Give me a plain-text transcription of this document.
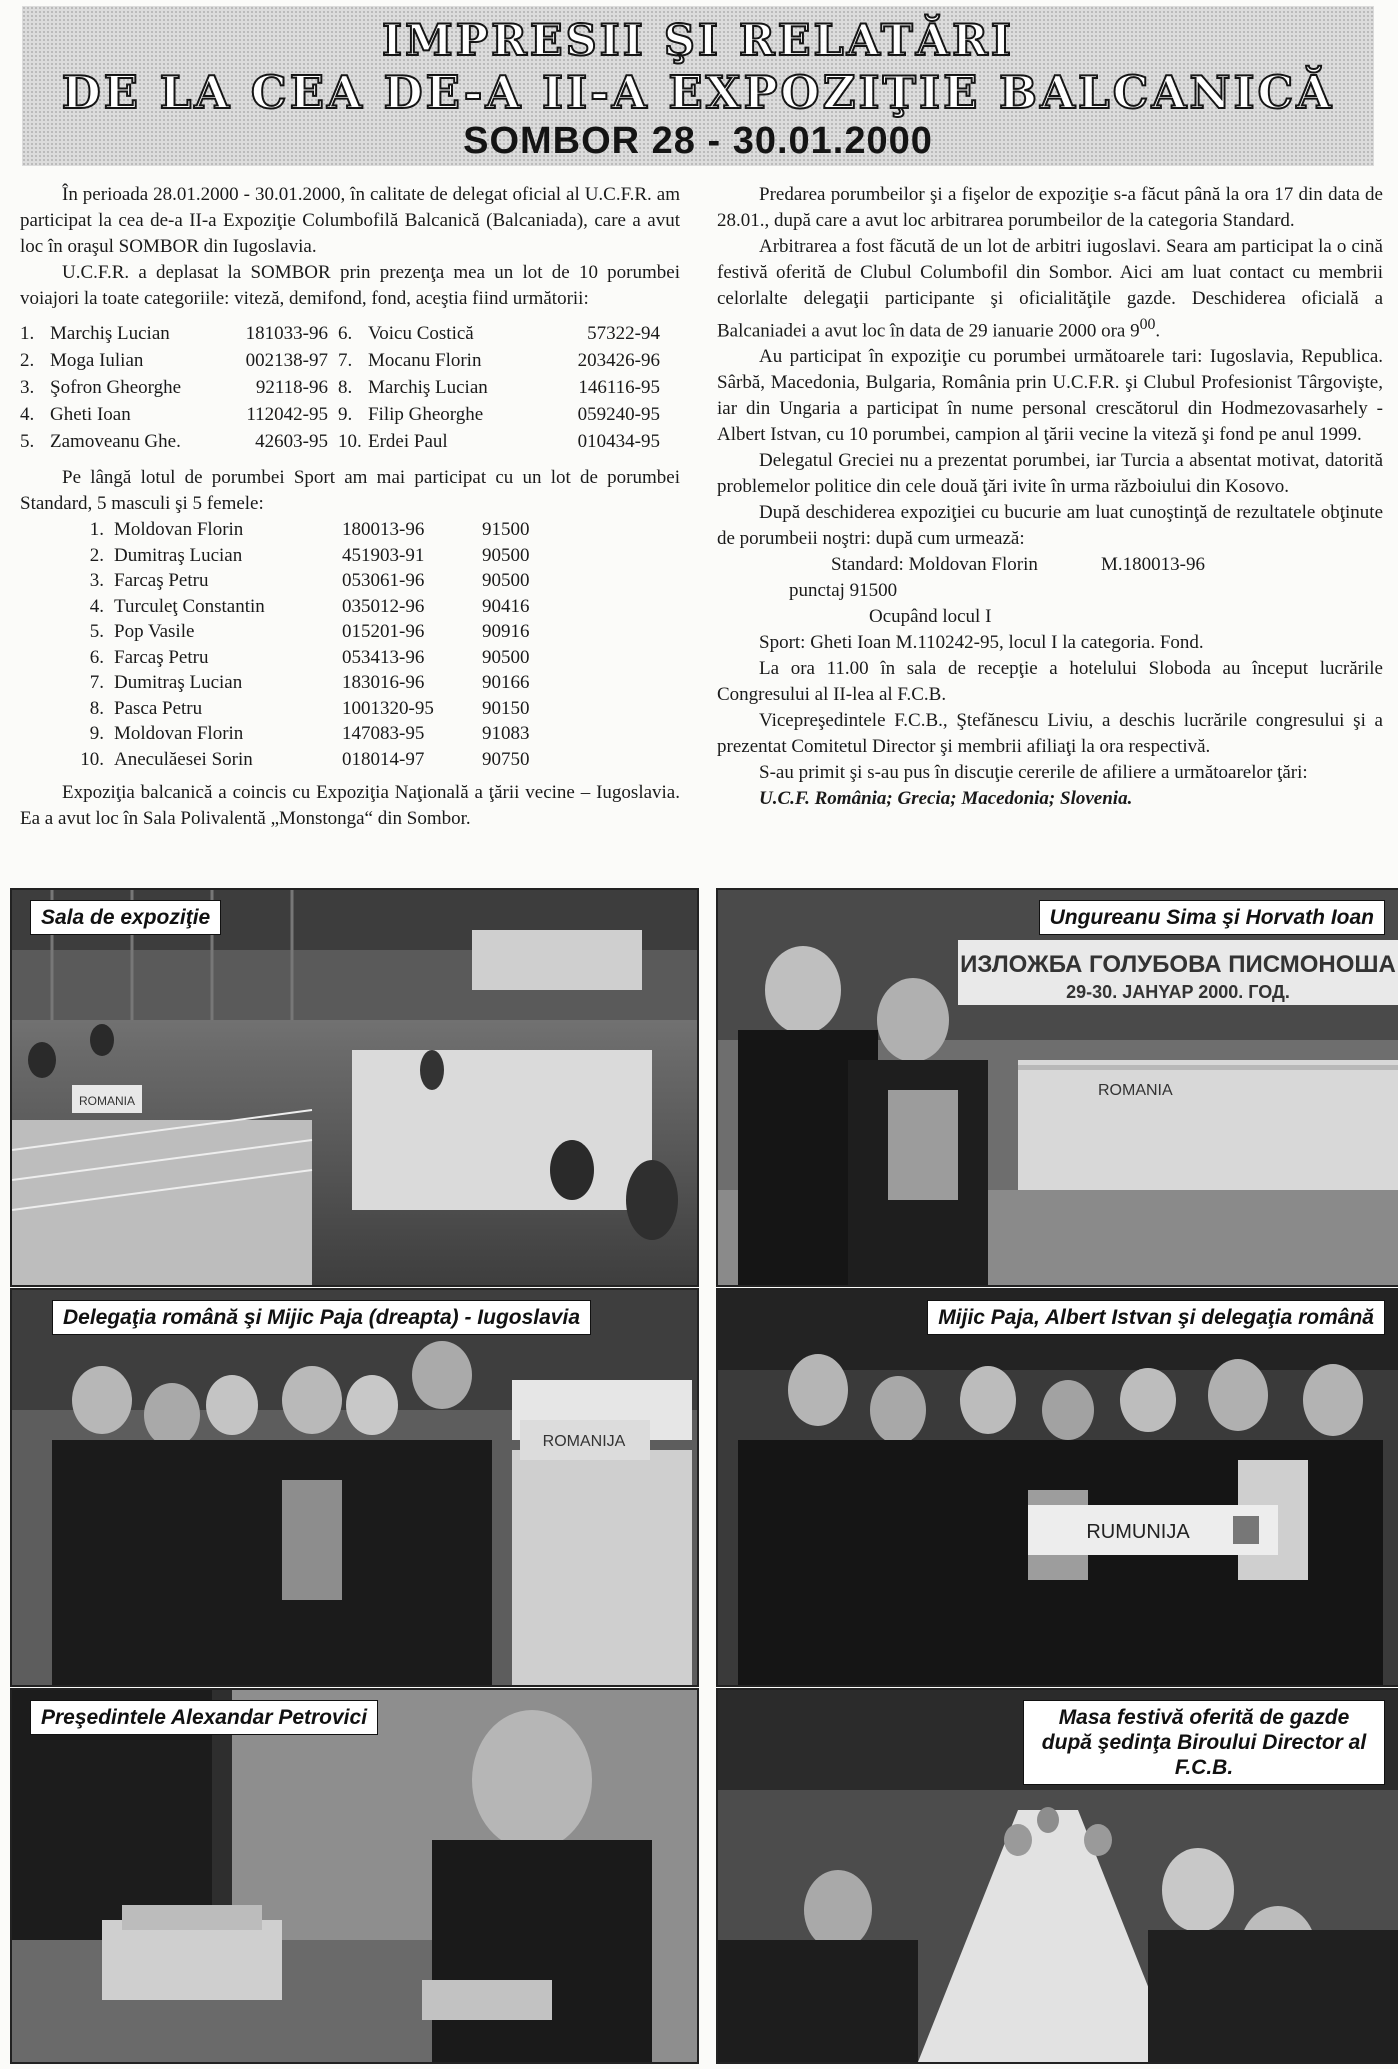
IMPRESII ŞI RELATĂRI
DE LA CEA DE-A II-A EXPOZIŢIE BALCANICĂ
SOMBOR 28 - 30.01.2000

În perioada 28.01.2000 - 30.01.2000, în calitate de delegat oficial al U.C.F.R. am participat la cea de-a II-a Expoziţie Columbofilă Balcanică (Balcaniada), care a avut loc în oraşul SOMBOR din Iugoslavia.

U.C.F.R. a deplasat la SOMBOR prin prezenţa mea un lot de 10 porumbei voiajori la toate categoriile: viteză, demifond, fond, aceştia fiind următorii:

1. Marchiş Lucian	181033-96 6. Voicu Costică	57322-94
2. Moga Iulian	002138-97 7. Mocanu Florin	203426-96
3. Şofron Gheorghe	92118-96 8. Marchiş Lucian	146116-95
4. Gheti Ioan	112042-95 9. Filip Gheorghe	059240-95
5. Zamoveanu Ghe.	42603-95 10. Erdei Paul	010434-95

Pe lângă lotul de porumbei Sport am mai participat cu un lot de porumbei Standard, 5 masculi şi 5 femele:

1. Moldovan Florin	180013-96	91500
2. Dumitraş Lucian	451903-91	90500
3. Farcaş Petru	053061-96	90500
4. Turculeţ Constantin	035012-96	90416
5. Pop Vasile	015201-96	90916
6. Farcaş Petru	053413-96	90500
7. Dumitraş Lucian	183016-96	90166
8. Pasca Petru	1001320-95	90150
9. Moldovan Florin	147083-95	91083
10. Aneculăesei Sorin	018014-97	90750

Expoziţia balcanică a coincis cu Expoziţia Naţională a ţării vecine – Iugoslavia. Ea a avut loc în Sala Polivalentă „Monstonga“ din Sombor.

Predarea porumbeilor şi a fişelor de expoziţie s-a făcut până la ora 17 din data de 28.01., după care a avut loc arbitrarea porumbeilor de la categoria Standard.

Arbitrarea a fost făcută de un lot de arbitri iugoslavi. Seara am participat la o cină festivă oferită de Clubul Columbofil din Sombor. Aici am luat contact cu membrii celorlalte delegaţii participante şi oficialităţile gazde. Deschiderea oficială a Balcaniadei a avut loc în data de 29 ianuarie 2000 ora $9^{00}$.

Au participat în expoziţie cu porumbei următoarele tari: Iugoslavia, Republica. Sârbă, Macedonia, Bulgaria, România prin U.C.F.R. şi Clubul Profesionist Târgovişte, iar din Ungaria a participat în nume personal crescătorul din Hodmezovasarhely - Albert Istvan, cu 10 porumbei, campion al ţării vecine la viteză şi fond pe anul 1999.

Delegatul Greciei nu a prezentat porumbei, iar Turcia a absentat motivat, datorită problemelor politice din cele două ţări ivite în urma războiului din Kosovo.

După deschiderea expoziţiei cu bucurie am luat cunoştinţă de rezultatele obţinute de porumbeii noştri: după cum urmează:

Standard: Moldovan Florin	M.180013-96punctaj 91500

Ocupând locul I

Sport: Gheti Ioan M.110242-95, locul I la categoria. Fond.

La ora 11.00 în sala de recepţie a hotelului Sloboda au început lucrările Congresului al II-lea al F.C.B.

Vicepreşedintele F.C.B., Ştefănescu Liviu, a deschis lucrările congresului şi a prezentat Comitetul Director şi membrii afiliaţi la ora respectivă.

S-au primit şi s-au pus în discuţie cererile de afiliere a următoarelor ţări:

U.C.F. România; Grecia; Macedonia; Slovenia.

ROMANIA
Sala de expoziţie
ИЗЛОЖБА ГОЛУБОВА ПИСМОНОША
29-30. JAHYAP 2000. ГОД.
ROMANIA
Ungureanu Sima şi Horvath Ioan
ROMANIJA
Delegaţia română şi Mijic Paja (dreapta) - Iugoslavia
RUMUNIJA
Mijic Paja, Albert Istvan şi delegaţia română
Preşedintele Alexandar Petrovici	Masa festivă oferită de gazde după şedinţa Biroului Director al F.C.B.
